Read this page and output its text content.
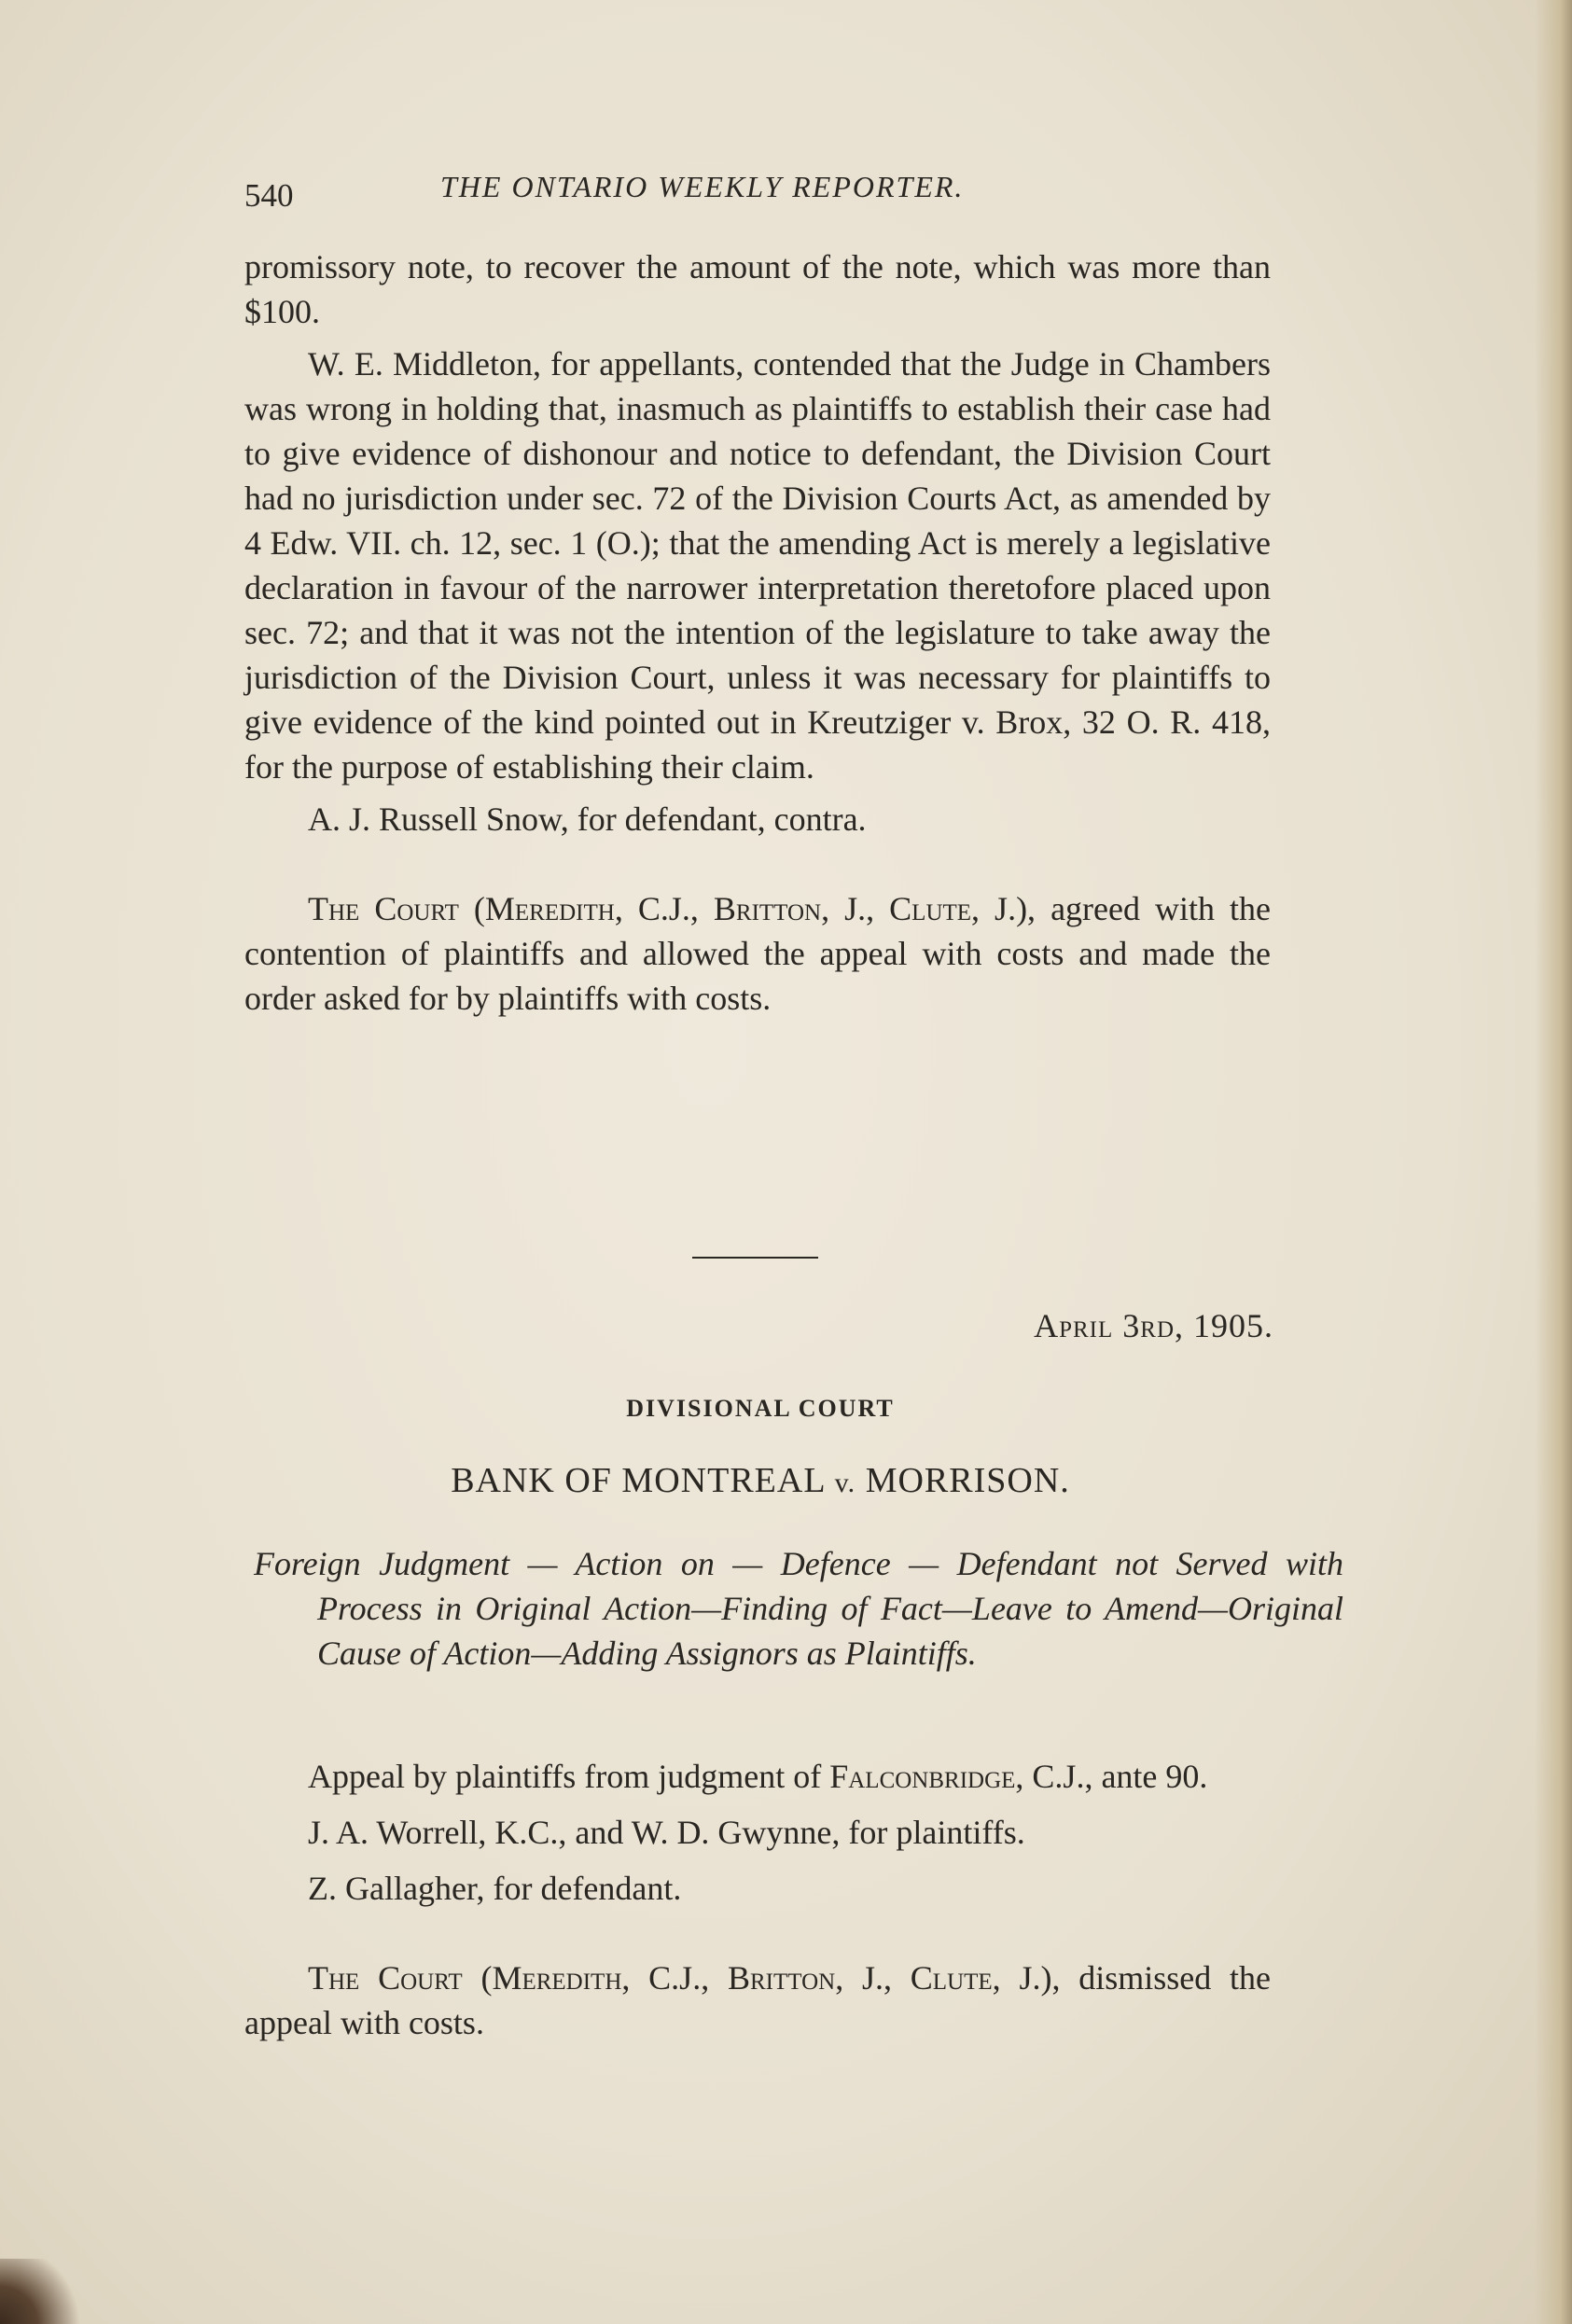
540	THE ONTARIO WEEKLY REPORTER.

promissory note, to recover the amount of the note, which was more than $100.

W. E. Middleton, for appellants, contended that the Judge in Chambers was wrong in holding that, inasmuch as plaintiffs to establish their case had to give evidence of dishonour and notice to defendant, the Division Court had no jurisdiction under sec. 72 of the Division Courts Act, as amended by 4 Edw. VII. ch. 12, sec. 1 (O.); that the amending Act is merely a legislative declaration in favour of the narrower interpretation theretofore placed upon sec. 72; and that it was not the intention of the legislature to take away the jurisdiction of the Division Court, unless it was necessary for plaintiffs to give evidence of the kind pointed out in Kreutziger v. Brox, 32 O. R. 418, for the purpose of establishing their claim.

A. J. Russell Snow, for defendant, contra.

The Court (Meredith, C.J., Britton, J., Clute, J.), agreed with the contention of plaintiffs and allowed the appeal with costs and made the order asked for by plaintiffs with costs.

April 3rd, 1905.
DIVISIONAL COURT
BANK OF MONTREAL v. MORRISON.
Foreign Judgment — Action on — Defence — Defendant not Served with Process in Original Action—Finding of Fact—Leave to Amend—Original Cause of Action—Adding Assignors as Plaintiffs.

Appeal by plaintiffs from judgment of Falconbridge, C.J., ante 90.

J. A. Worrell, K.C., and W. D. Gwynne, for plaintiffs.

Z. Gallagher, for defendant.

The Court (Meredith, C.J., Britton, J., Clute, J.), dismissed the appeal with costs.
